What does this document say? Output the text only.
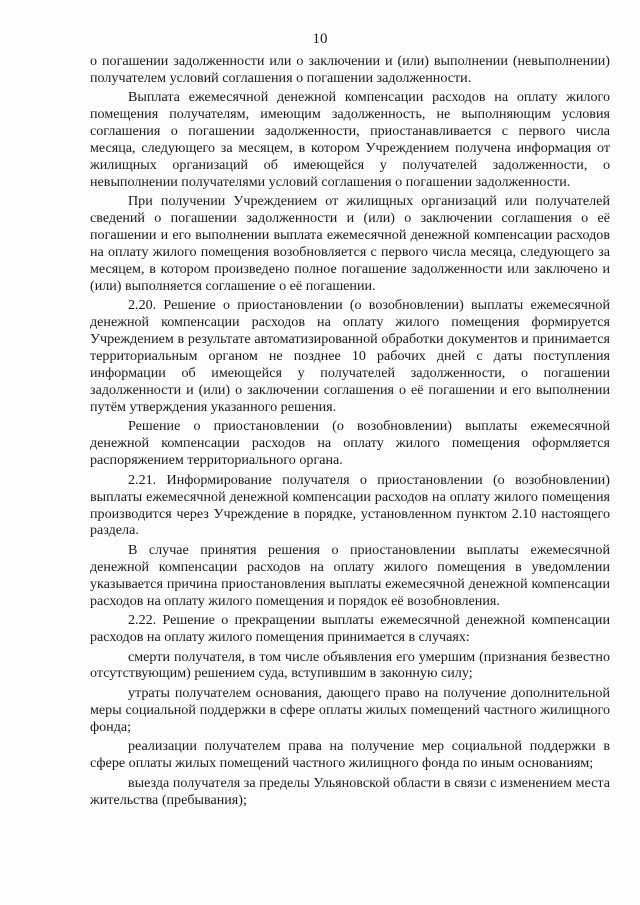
10

о погашении задолженности или о заключении и (или) выполнении (невыполнении) получателем условий соглашения о погашении задолженности.

Выплата ежемесячной денежной компенсации расходов на оплату жилого помещения получателям, имеющим задолженность, не выполняющим условия соглашения о погашении задолженности, приостанавливается с первого числа месяца, следующего за месяцем, в котором Учреждением получена информация от жилищных организаций об имеющейся у получателей задолженности, о невыполнении получателями условий соглашения о погашении задолженности.

При получении Учреждением от жилищных организаций или получателей сведений о погашении задолженности и (или) о заключении соглашения о её погашении и его выполнении выплата ежемесячной денежной компенсации расходов на оплату жилого помещения возобновляется с первого числа месяца, следующего за месяцем, в котором произведено полное погашение задолженности или заключено и (или) выполняется соглашение о её погашении.

2.20. Решение о приостановлении (о возобновлении) выплаты ежемесячной денежной компенсации расходов на оплату жилого помещения формируется Учреждением в результате автоматизированной обработки документов и принимается территориальным органом не позднее 10 рабочих дней с даты поступления информации об имеющейся у получателей задолженности, о погашении задолженности и (или) о заключении соглашения о её погашении и его выполнении путём утверждения указанного решения.

Решение о приостановлении (о возобновлении) выплаты ежемесячной денежной компенсации расходов на оплату жилого помещения оформляется распоряжением территориального органа.

2.21. Информирование получателя о приостановлении (о возобновлении) выплаты ежемесячной денежной компенсации расходов на оплату жилого помещения производится через Учреждение в порядке, установленном пунктом 2.10 настоящего раздела.

В случае принятия решения о приостановлении выплаты ежемесячной денежной компенсации расходов на оплату жилого помещения в уведомлении указывается причина приостановления выплаты ежемесячной денежной компенсации расходов на оплату жилого помещения и порядок её возобновления.

2.22. Решение о прекращении выплаты ежемесячной денежной компенсации расходов на оплату жилого помещения принимается в случаях:

смерти получателя, в том числе объявления его умершим (признания безвестно отсутствующим) решением суда, вступившим в законную силу;

утраты получателем основания, дающего право на получение дополнительной меры социальной поддержки в сфере оплаты жилых помещений частного жилищного фонда;

реализации получателем права на получение мер социальной поддержки в сфере оплаты жилых помещений частного жилищного фонда по иным основаниям;

выезда получателя за пределы Ульяновской области в связи с изменением места жительства (пребывания);
